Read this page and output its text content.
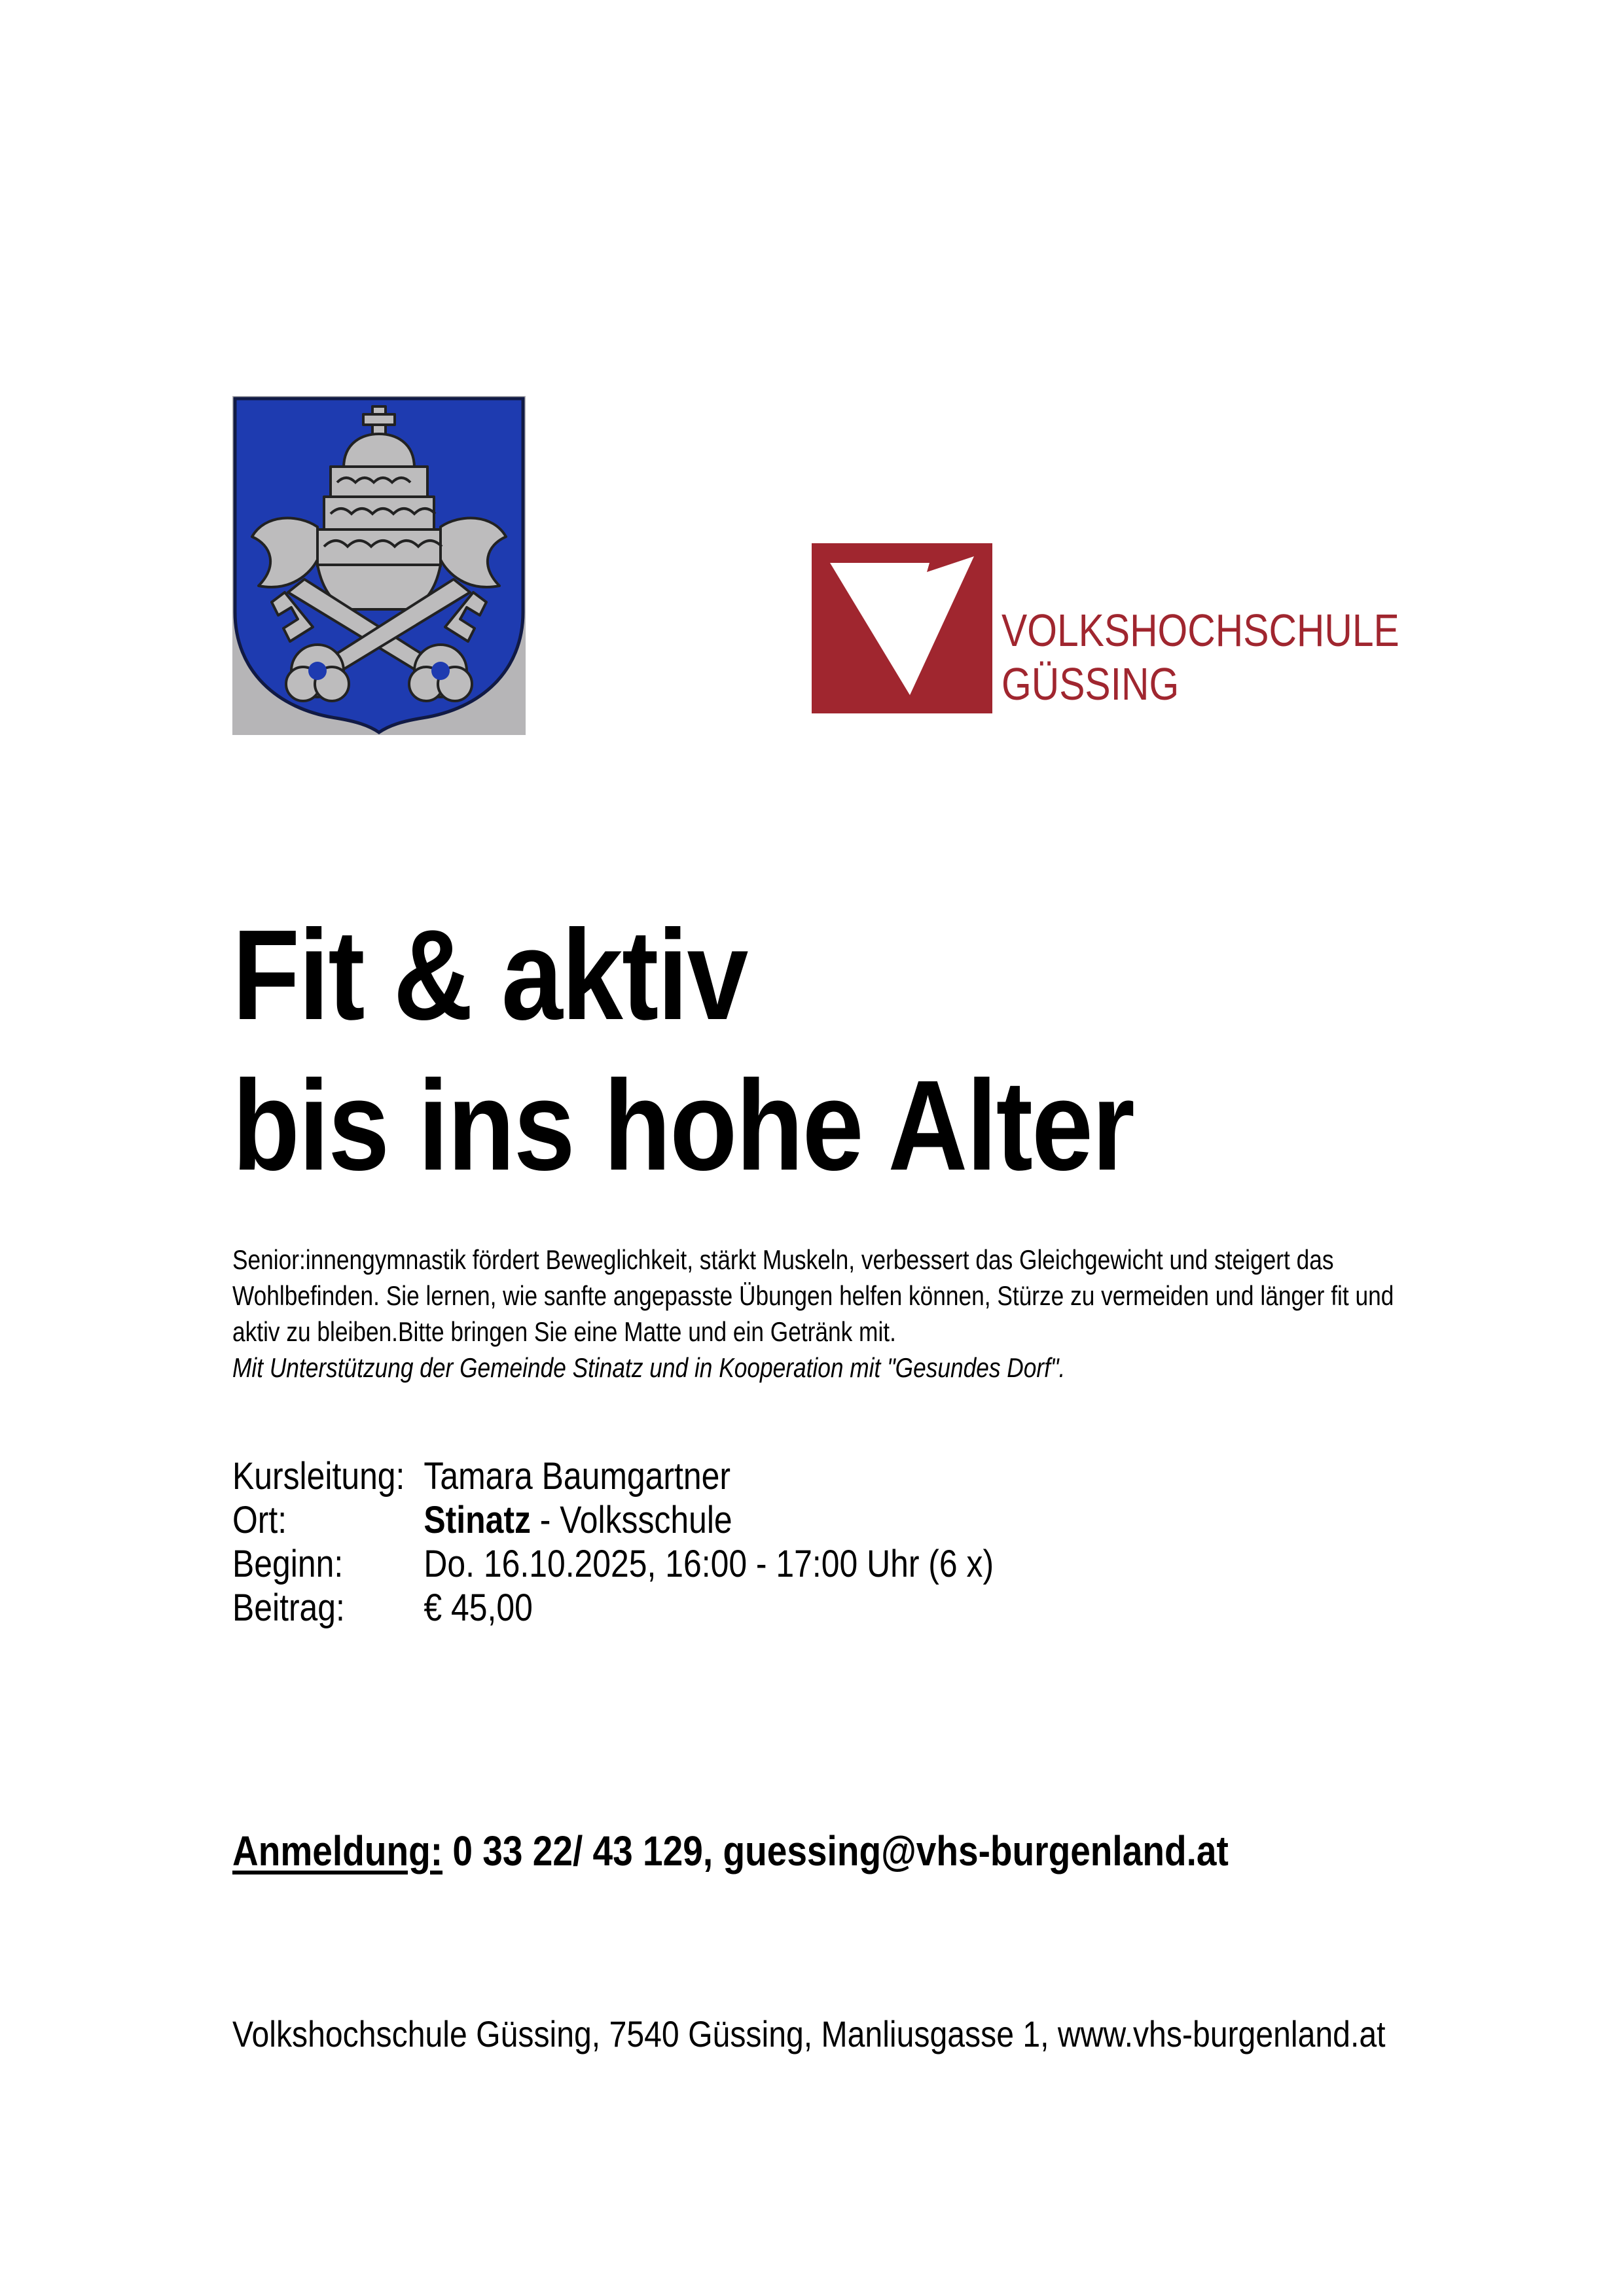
VOLKSHOCHSCHULE
GÜSSING
Fit & aktiv
bis ins hohe Alter

Senior:innengymnastik fördert Beweglichkeit, stärkt Muskeln, verbessert das Gleichgewicht und steigert das Wohlbefinden. Sie lernen, wie sanfte angepasste Übungen helfen können, Stürze zu vermeiden und länger fit und aktiv zu bleiben.Bitte bringen Sie eine Matte und ein Getränk mit.

Mit Unterstützung der Gemeinde Stinatz und in Kooperation mit "Gesundes Dorf".

Kursleitung: Tamara Baumgartner
Ort:	Stinatz - Volksschule
Beginn:	Do. 16.10.2025, 16:00 - 17:00 Uhr (6 x)
Beitrag:	€ 45,00
Anmeldung: 0 33 22/ 43 129, guessing@vhs-burgenland.at
Volkshochschule Güssing, 7540 Güssing, Manliusgasse 1, www.vhs-burgenland.at
